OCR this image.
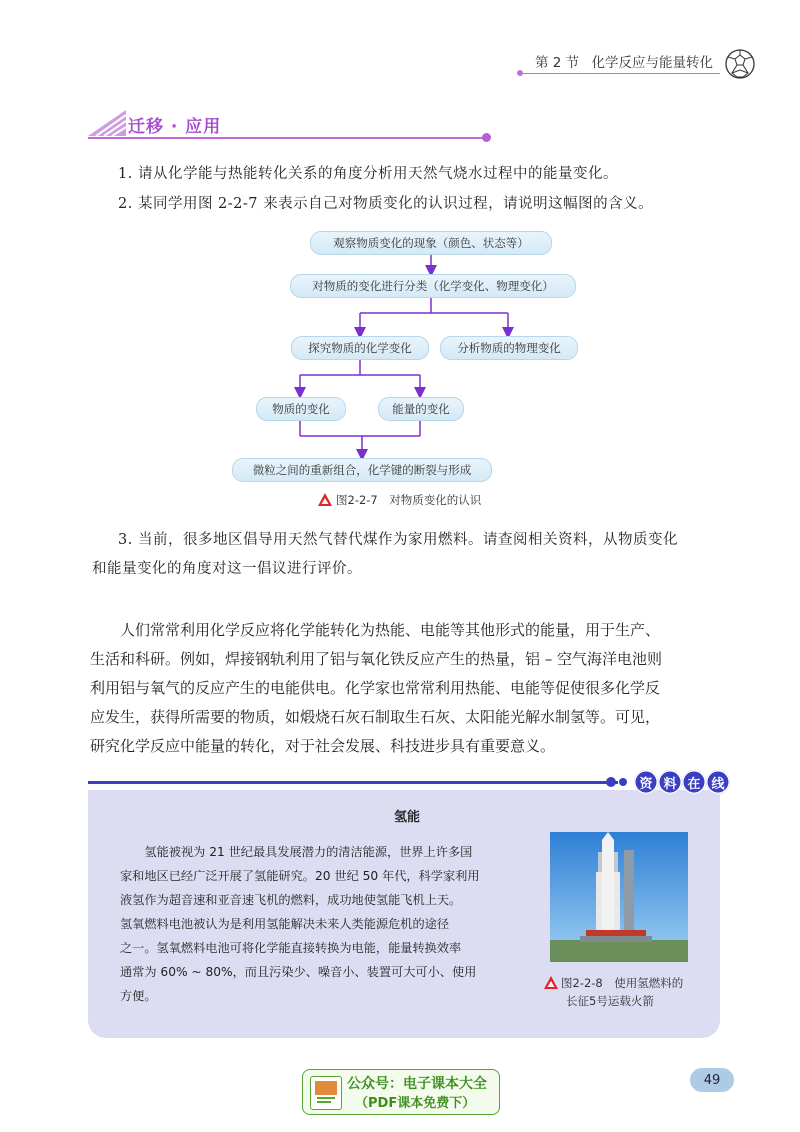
第 2 节 化学反应与能量转化
迁移 · 应用
1. 请从化学能与热能转化关系的角度分析用天然气烧水过程中的能量变化。
2. 某同学用图 2-2-7 来表示自己对物质变化的认识过程，请说明这幅图的含义。
观察物质变化的现象（颜色、状态等）
对物质的变化进行分类（化学变化、物理变化）
探究物质的化学变化	分析物质的物理变化
物质的变化	能量的变化
微粒之间的重新组合，化学键的断裂与形成
图2-2-7　对物质变化的认识
3. 当前，很多地区倡导用天然气替代煤作为家用燃料。请查阅相关资料，从物质变化
和能量变化的角度对这一倡议进行评价。
　　人们常常利用化学反应将化学能转化为热能、电能等其他形式的能量，用于生产、
生活和科研。例如，焊接钢轨利用了铝与氧化铁反应产生的热量，铝 – 空气海洋电池则
利用铝与氧气的反应产生的电能供电。化学家也常常利用热能、电能等促使很多化学反
应发生，获得所需要的物质，如煅烧石灰石制取生石灰、太阳能光解水制氢等。可见，
研究化学反应中能量的转化，对于社会发展、科技进步具有重要意义。
资 料 在 线
氢能

氢能被视为 21 世纪最具发展潜力的清洁能源，世界上许多国

家和地区已经广泛开展了氢能研究。20 世纪 50 年代，科学家利用
液氢作为超音速和亚音速飞机的燃料，成功地使氢能飞机上天。
氢氧燃料电池被认为是利用氢能解决未来人类能源危机的途径
之一。氢氧燃料电池可将化学能直接转换为电能，能量转换效率
通常为 60% ~ 80%，而且污染少、噪音小、装置可大可小、使用
方便。
图2-2-8　使用氢燃料的
长征5号运载火箭
公众号：电子课本大全
（PDF课本免费下）
49
